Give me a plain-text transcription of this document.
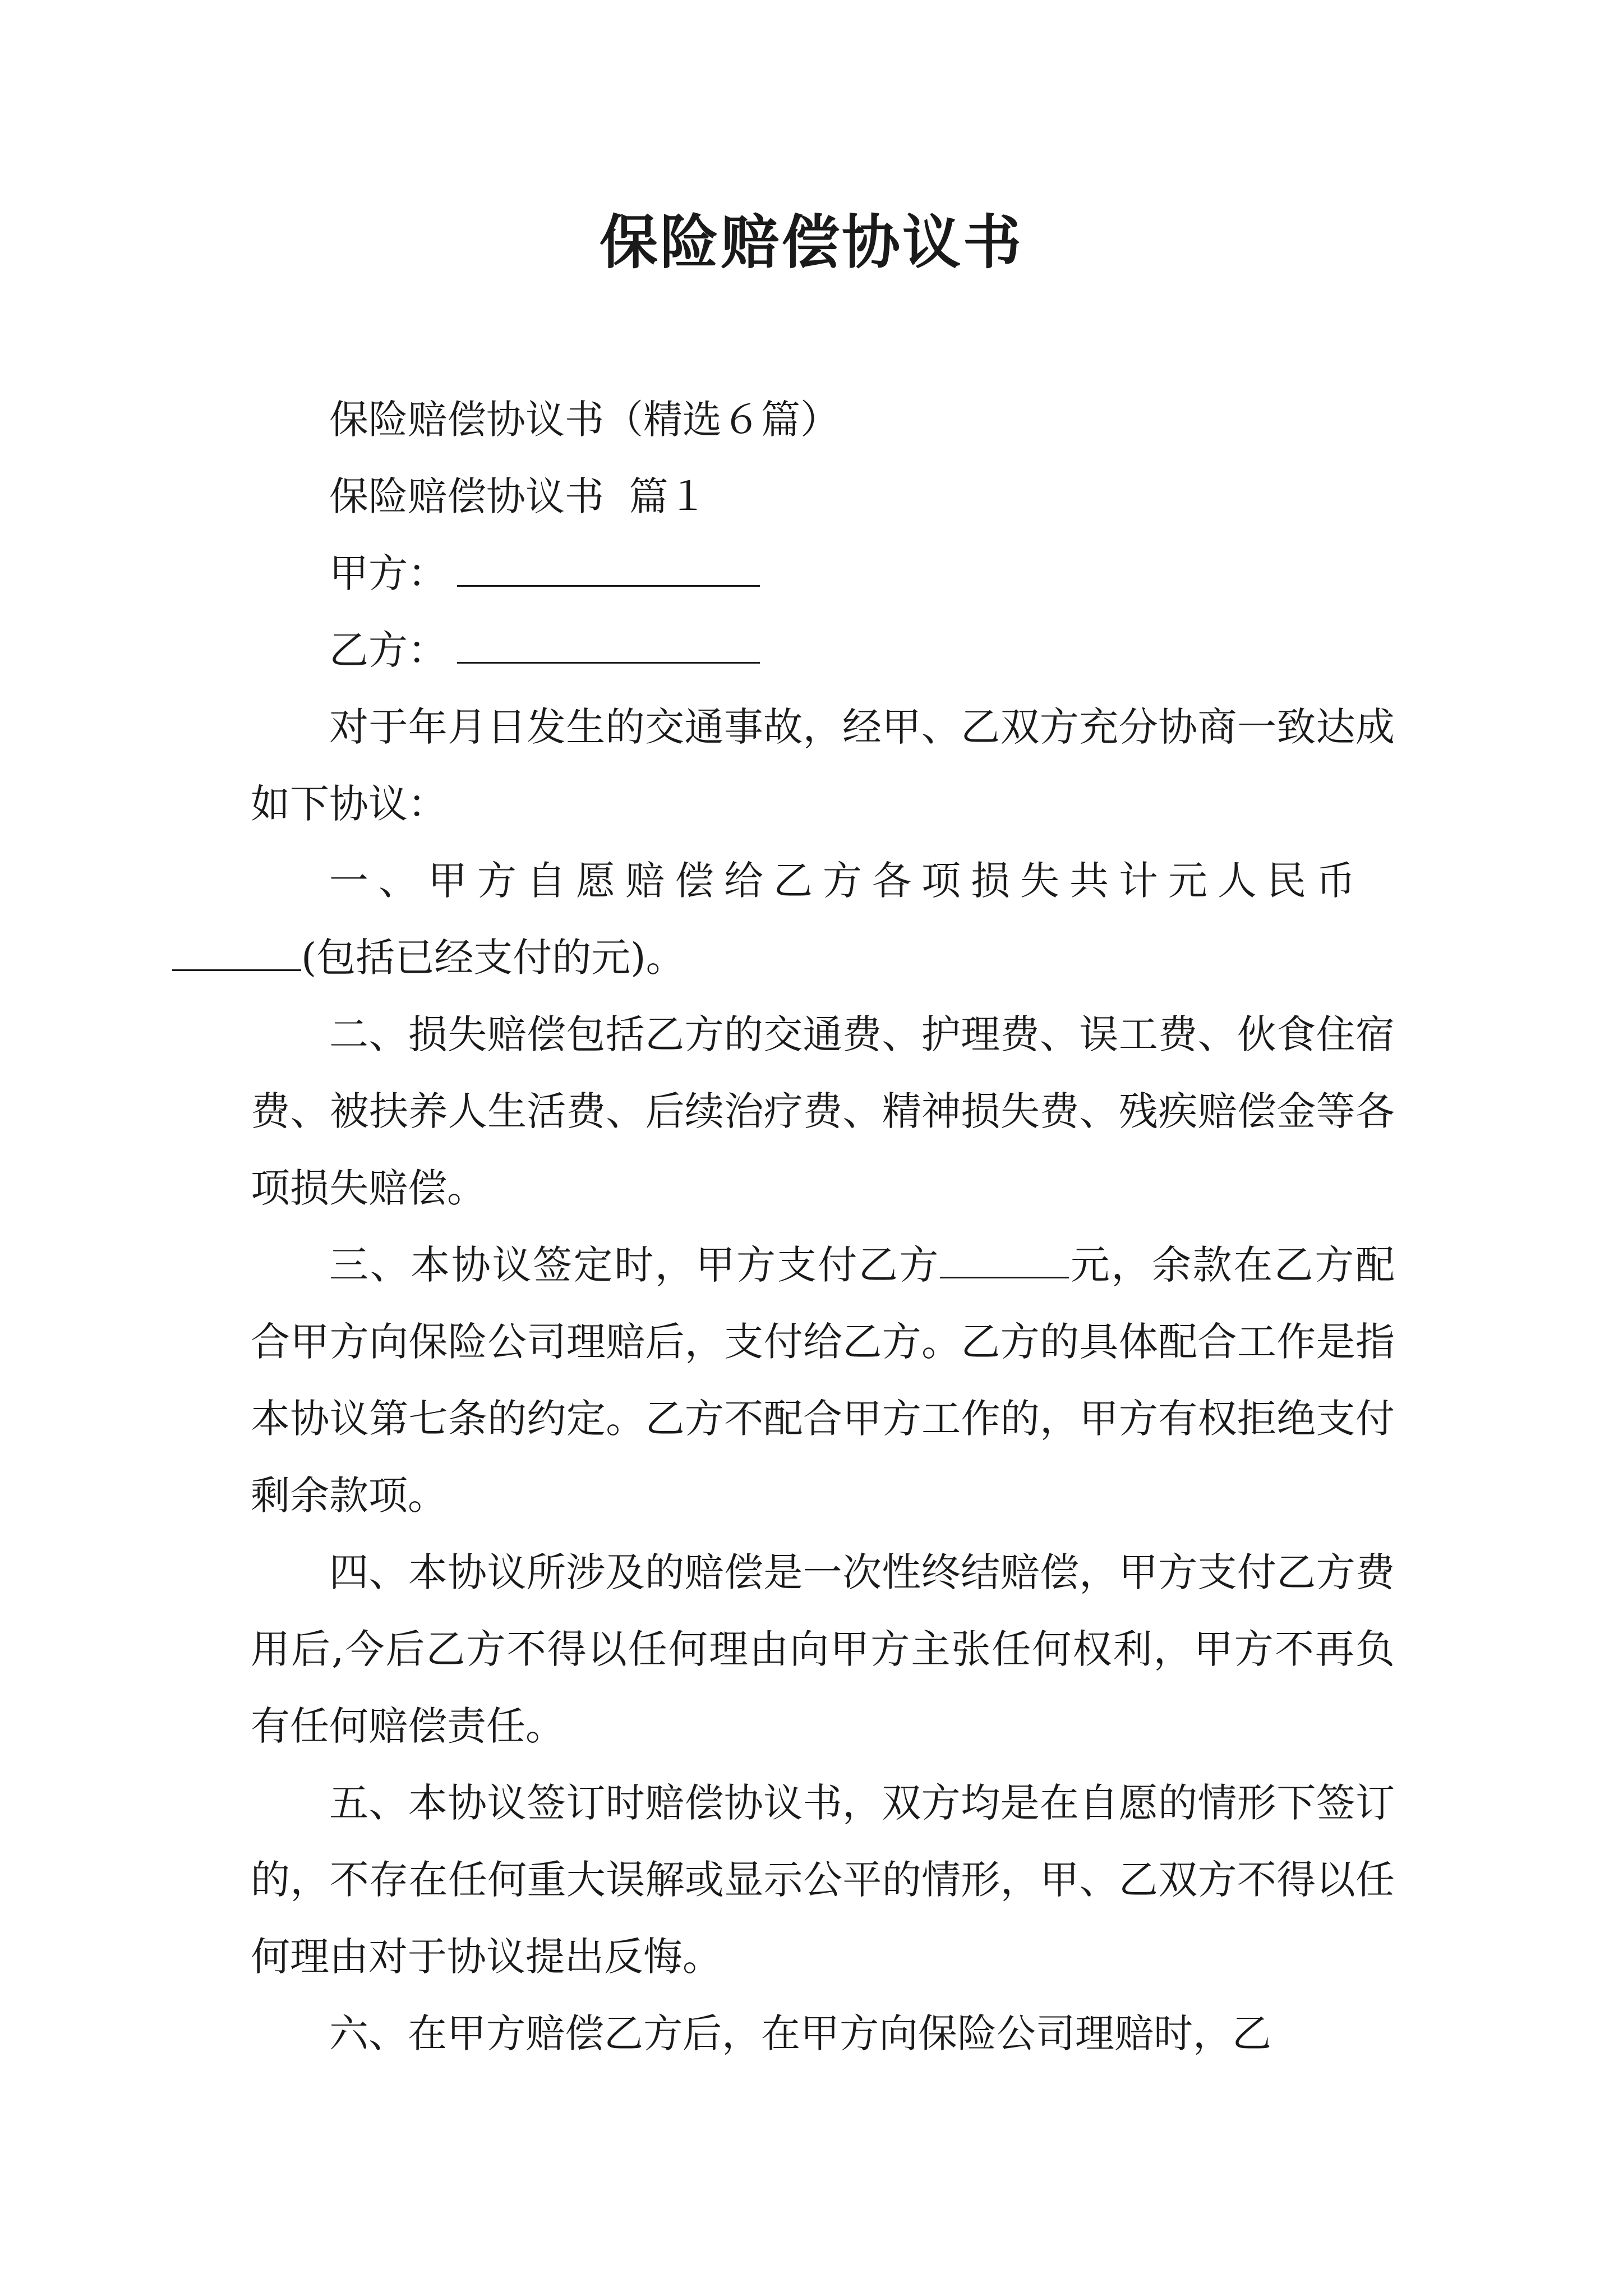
保险赔偿协议书

保险赔偿协议书（精选６篇）

保险赔偿协议书  篇１

甲方：

乙方：

对于年月日发生的交通事故，经甲、乙双方充分协商一致达成如下协议：

一、甲方自愿赔偿给乙方各项损失共计元人民币
(包括已经支付的元)。

二、损失赔偿包括乙方的交通费、护理费、误工费、伙食住宿费、被扶养人生活费、后续治疗费、精神损失费、残疾赔偿金等各项损失赔偿。

三、本协议签定时，甲方支付乙方	元，余款在乙方配合甲方向保险公司理赔后，支付给乙方。乙方的具体配合工作是指本协议第七条的约定。乙方不配合甲方工作的，甲方有权拒绝支付剩余款项。

四、本协议所涉及的赔偿是一次性终结赔偿，甲方支付乙方费用后,今后乙方不得以任何理由向甲方主张任何权利，甲方不再负有任何赔偿责任。

五、本协议签订时赔偿协议书，双方均是在自愿的情形下签订的，不存在任何重大误解或显示公平的情形，甲、乙双方不得以任何理由对于协议提出反悔。

六、在甲方赔偿乙方后，在甲方向保险公司理赔时，乙
